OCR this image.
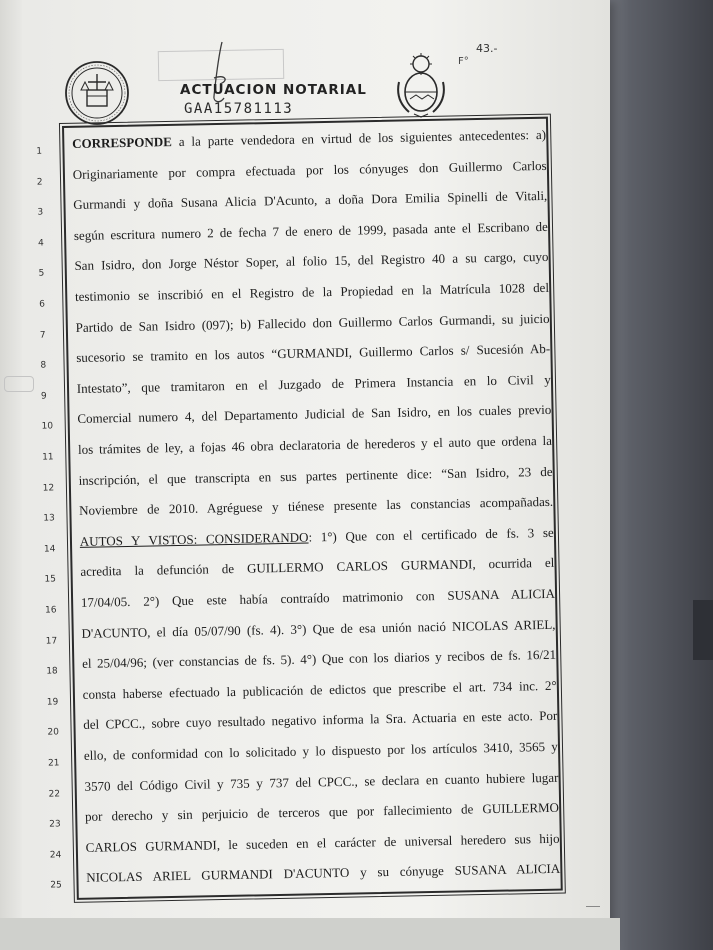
43.-
F°
ACTUACION NOTARIAL
GAA15781113
1
CORRESPONDE a la parte vendedora en virtud de los siguientes antecedentes: a)
2
Originariamente por compra efectuada por los cónyuges don Guillermo Carlos
3
Gurmandi y doña Susana Alicia D'Acunto, a doña Dora Emilia Spinelli de Vitali,
4
según escritura numero 2 de fecha 7 de enero de 1999, pasada ante el Escribano de
5
San Isidro, don Jorge Néstor Soper, al folio 15, del Registro 40 a su cargo, cuyo
6
testimonio se inscribió en el Registro de la Propiedad en la Matrícula 1028 del
7
Partido de San Isidro (097); b) Fallecido don Guillermo Carlos Gurmandi, su juicio
8
sucesorio se tramito en los autos “GURMANDI, Guillermo Carlos s/ Sucesión Ab-
9
Intestato”, que tramitaron en el Juzgado de Primera Instancia en lo Civil y
10
Comercial numero 4, del Departamento Judicial de San Isidro, en los cuales previo
11
los trámites de ley, a fojas 46 obra declaratoria de herederos y el auto que ordena la
12
inscripción, el que transcripta en sus partes pertinente dice: “San Isidro, 23 de
13
Noviembre de 2010. Agréguese y tiénese presente las constancias acompañadas.
14
AUTOS Y VISTOS: CONSIDERANDO: 1°) Que con el certificado de fs. 3 se
15
acredita la defunción de GUILLERMO CARLOS GURMANDI, ocurrida el
16
17/04/05. 2°) Que este había contraído matrimonio con SUSANA ALICIA
17
D'ACUNTO, el día 05/07/90 (fs. 4). 3°) Que de esa unión nació NICOLAS ARIEL,
18
el 25/04/96; (ver constancias de fs. 5). 4°) Que con los diarios y recibos de fs. 16/21
19
consta haberse efectuado la publicación de edictos que prescribe el art. 734 inc. 2°
20
del CPCC., sobre cuyo resultado negativo informa la Sra. Actuaria en este acto. Por
21
ello, de conformidad con lo solicitado y lo dispuesto por los artículos 3410, 3565 y
22
3570 del Código Civil y 735 y 737 del CPCC., se declara en cuanto hubiere lugar
23
por derecho y sin perjuicio de terceros que por fallecimiento de GUILLERMO
24
CARLOS GURMANDI, le suceden en el carácter de universal heredero sus hijo
25
NICOLAS ARIEL GURMANDI D'ACUNTO y su cónyuge SUSANA ALICIA
